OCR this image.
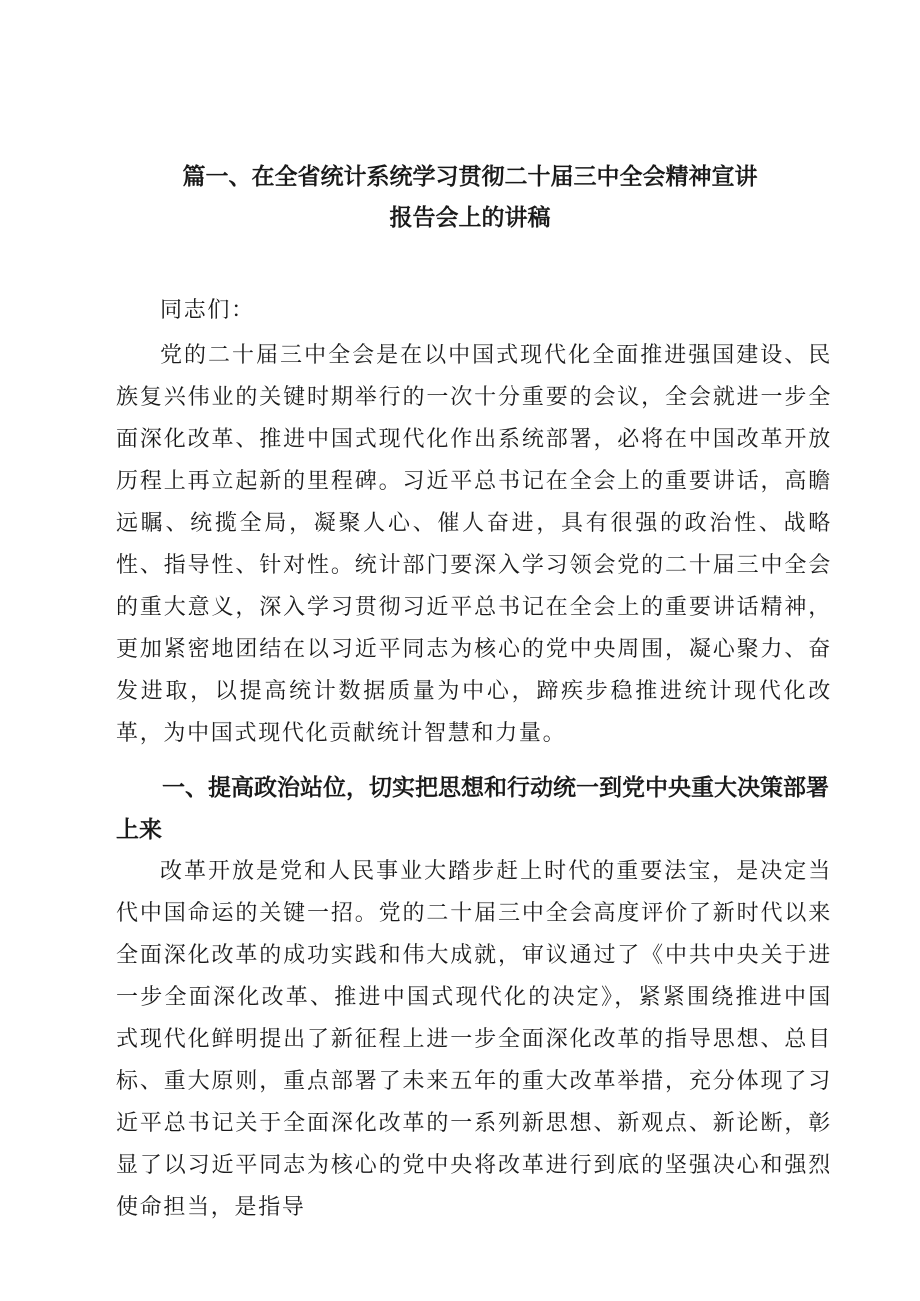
篇一、在全省统计系统学习贯彻二十届三中全会精神宣讲
报告会上的讲稿
同志们：

党的二十届三中全会是在以中国式现代化全面推进强国建设、民族复兴伟业的关键时期举行的一次十分重要的会议，全会就进一步全面深化改革、推进中国式现代化作出系统部署，必将在中国改革开放历程上再立起新的里程碑。习近平总书记在全会上的重要讲话，高瞻远瞩、统揽全局，凝聚人心、催人奋进，具有很强的政治性、战略性、指导性、针对性。统计部门要深入学习领会党的二十届三中全会的重大意义，深入学习贯彻习近平总书记在全会上的重要讲话精神，更加紧密地团结在以习近平同志为核心的党中央周围，凝心聚力、奋发进取，以提高统计数据质量为中心，蹄疾步稳推进统计现代化改革，为中国式现代化贡献统计智慧和力量。

一、提高政治站位，切实把思想和行动统一到党中央重大决策部署上来

改革开放是党和人民事业大踏步赶上时代的重要法宝，是决定当代中国命运的关键一招。党的二十届三中全会高度评价了新时代以来全面深化改革的成功实践和伟大成就，审议通过了《中共中央关于进一步全面深化改革、推进中国式现代化的决定》，紧紧围绕推进中国式现代化鲜明提出了新征程上进一步全面深化改革的指导思想、总目标、重大原则，重点部署了未来五年的重大改革举措，充分体现了习近平总书记关于全面深化改革的一系列新思想、新观点、新论断，彰显了以习近平同志为核心的党中央将改革进行到底的坚强决心和强烈使命担当，是指导
